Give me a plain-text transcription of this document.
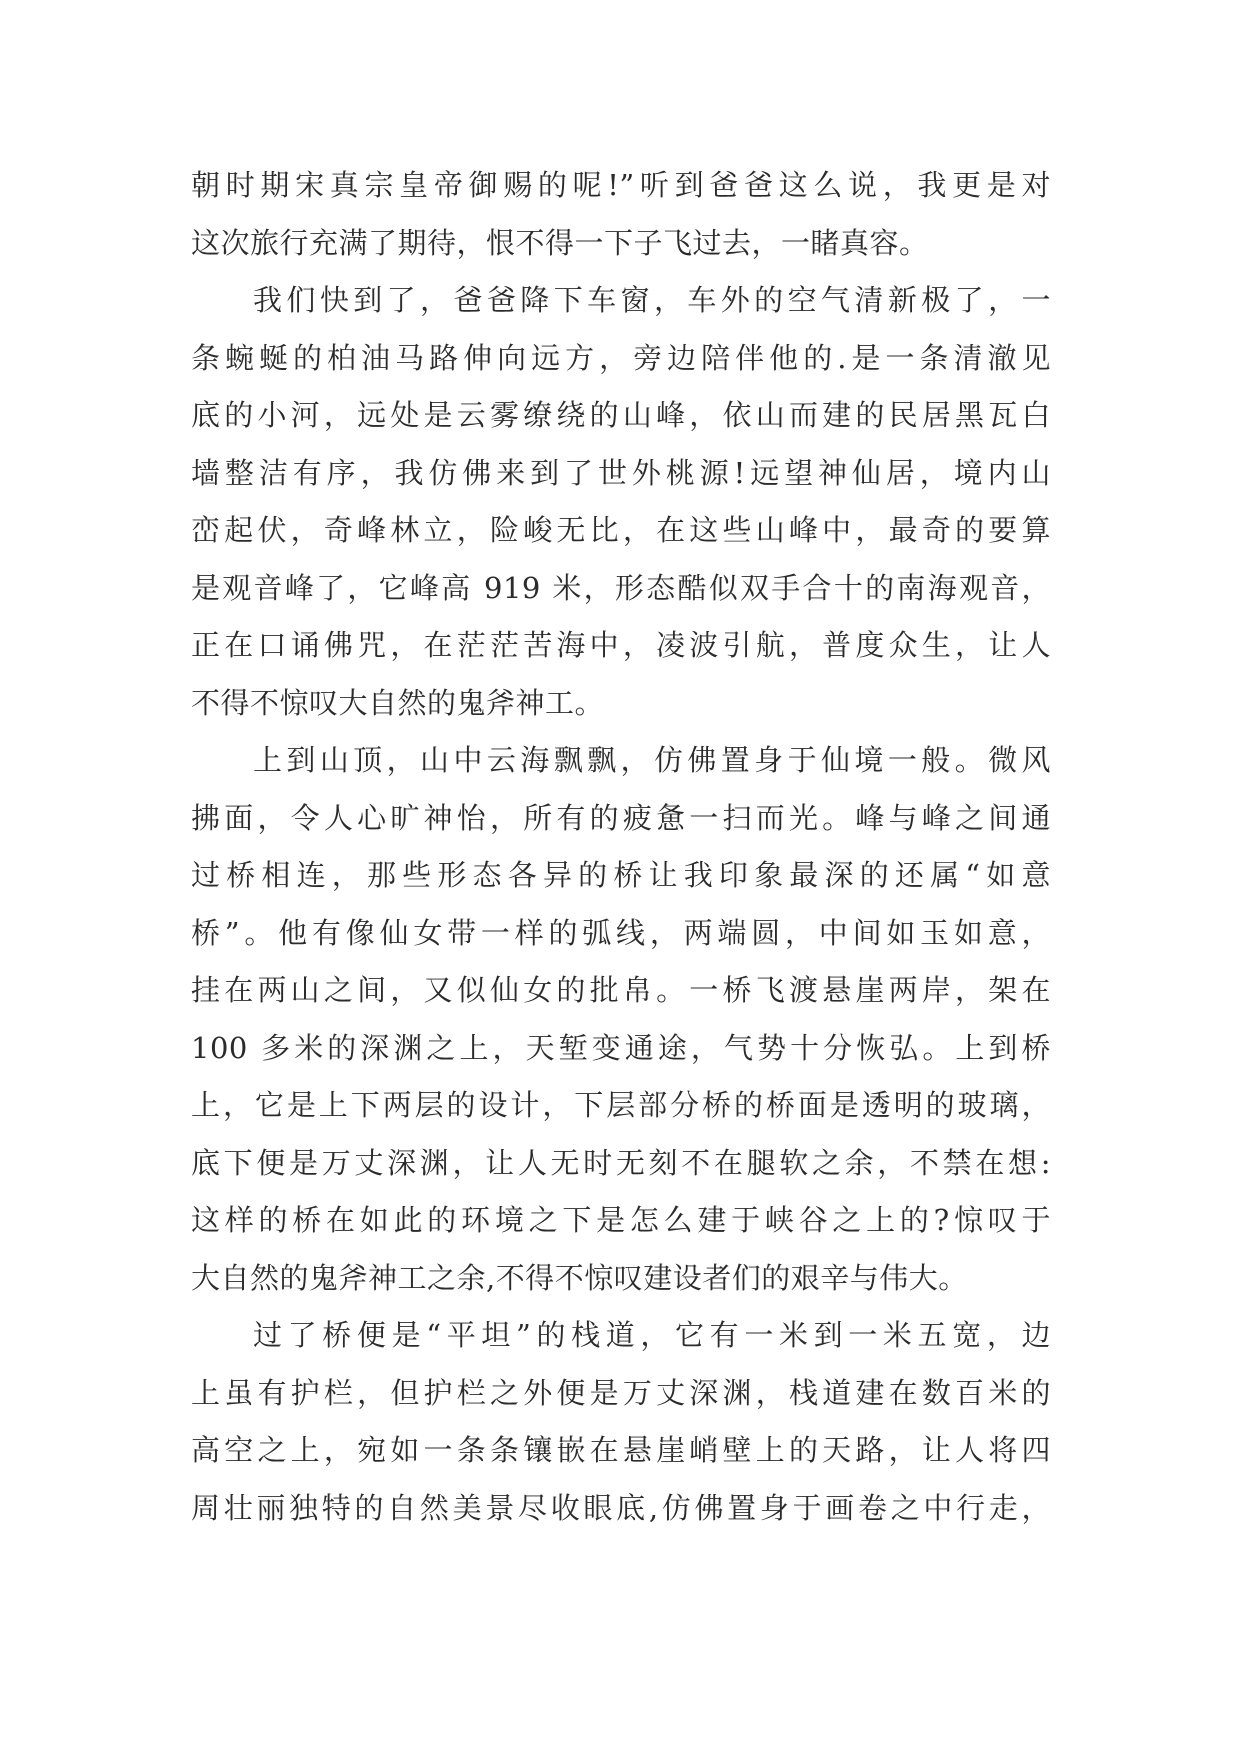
朝时期宋真宗皇帝御赐的呢!”听到爸爸这么说，我更是对
这次旅行充满了期待，恨不得一下子飞过去，一睹真容。
我们快到了，爸爸降下车窗，车外的空气清新极了，一
条蜿蜒的柏油马路伸向远方，旁边陪伴他的.是一条清澈见
底的小河，远处是云雾缭绕的山峰，依山而建的民居黑瓦白
墙整洁有序，我仿佛来到了世外桃源!远望神仙居，境内山
峦起伏，奇峰林立，险峻无比，在这些山峰中，最奇的要算
是观音峰了，它峰高 919 米，形态酷似双手合十的南海观音，
正在口诵佛咒，在茫茫苦海中，凌波引航，普度众生，让人
不得不惊叹大自然的鬼斧神工。
上到山顶，山中云海飘飘，仿佛置身于仙境一般。微风
拂面，令人心旷神怡，所有的疲惫一扫而光。峰与峰之间通
过桥相连，那些形态各异的桥让我印象最深的还属“如意
桥”。他有像仙女带一样的弧线，两端圆，中间如玉如意，
挂在两山之间，又似仙女的批帛。一桥飞渡悬崖两岸，架在
100 多米的深渊之上，天堑变通途，气势十分恢弘。上到桥
上，它是上下两层的设计，下层部分桥的桥面是透明的玻璃，
底下便是万丈深渊，让人无时无刻不在腿软之余，不禁在想:
这样的桥在如此的环境之下是怎么建于峡谷之上的?惊叹于
大自然的鬼斧神工之余,不得不惊叹建设者们的艰辛与伟大。
过了桥便是“平坦”的栈道，它有一米到一米五宽，边
上虽有护栏，但护栏之外便是万丈深渊，栈道建在数百米的
高空之上，宛如一条条镶嵌在悬崖峭壁上的天路，让人将四
周壮丽独特的自然美景尽收眼底,仿佛置身于画卷之中行走，
